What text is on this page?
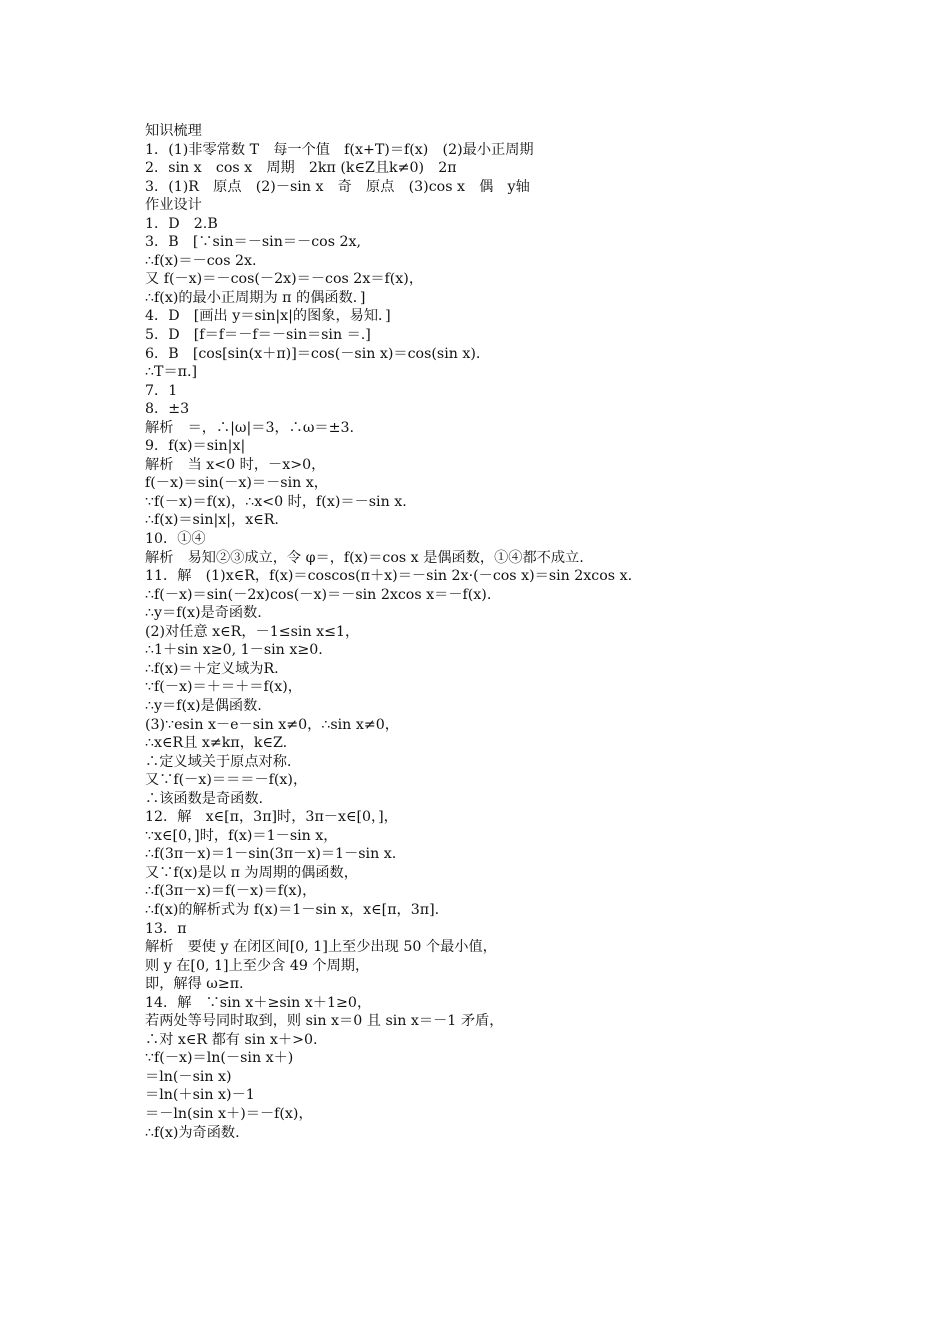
知识梳理
1．(1)非零常数 T　每一个值　f(x+T)＝f(x)　(2)最小正周期
2．sin x　cos x　周期　2kπ (k∈Z且k≠0)　2π
3．(1)R　原点　(2)－sin x　奇　原点　(3)cos x　偶　y轴
作业设计
1．D　2.B
3．B　[∵sin＝－sin＝－cos 2x,
∴f(x)＝－cos 2x.
又 f(－x)＝－cos(－2x)＝－cos 2x＝f(x)，
∴f(x)的最小正周期为 π 的偶函数．]
4．D　[画出 y＝sin|x|的图象，易知．]
5．D　[f＝f＝－f＝－sin＝sin ＝.]
6．B　[cos[sin(x＋π)]＝cos(－sin x)＝cos(sin x).
∴T＝π.]
7．1
8．±3
解析　＝，∴|ω|＝3，∴ω＝±3.
9．f(x)＝sin|x|
解析　当 x<0 时，－x>0，
f(－x)＝sin(－x)＝－sin x，
∵f(－x)＝f(x)，∴x<0 时，f(x)＝－sin x.
∴f(x)＝sin|x|，x∈R.
10．①④
解析　易知②③成立，令 φ＝，f(x)＝cos x 是偶函数，①④都不成立.
11．解　(1)x∈R，f(x)＝coscos(π＋x)＝－sin 2x·(－cos x)＝sin 2xcos x.
∴f(－x)＝sin(－2x)cos(－x)＝－sin 2xcos x＝－f(x).
∴y＝f(x)是奇函数.
(2)对任意 x∈R，－1≤sin x≤1，
∴1＋sin x≥0, 1－sin x≥0.
∴f(x)＝＋定义域为R.
∵f(－x)＝＋＝＋＝f(x)，
∴y＝f(x)是偶函数.
(3)∵esin x－e－sin x≠0，∴sin x≠0，
∴x∈R且 x≠kπ，k∈Z.
∴定义域关于原点对称.
又∵f(－x)＝＝＝－f(x)，
∴该函数是奇函数.
12．解　x∈[π，3π]时，3π－x∈[0，]，
∵x∈[0，]时，f(x)＝1－sin x，
∴f(3π－x)＝1－sin(3π－x)＝1－sin x.
又∵f(x)是以 π 为周期的偶函数，
∴f(3π－x)＝f(－x)＝f(x)，
∴f(x)的解析式为 f(x)＝1－sin x，x∈[π，3π].
13．π
解析　要使 y 在闭区间[0, 1]上至少出现 50 个最小值，
则 y 在[0, 1]上至少含 49 个周期，
即，解得 ω≥π.
14．解　∵sin x＋≥sin x＋1≥0，
若两处等号同时取到，则 sin x＝0 且 sin x＝－1 矛盾，
∴对 x∈R 都有 sin x＋>0.
∵f(－x)＝ln(－sin x＋)
＝ln(－sin x)
＝ln(＋sin x)－1
＝－ln(sin x＋)＝－f(x)，
∴f(x)为奇函数.
